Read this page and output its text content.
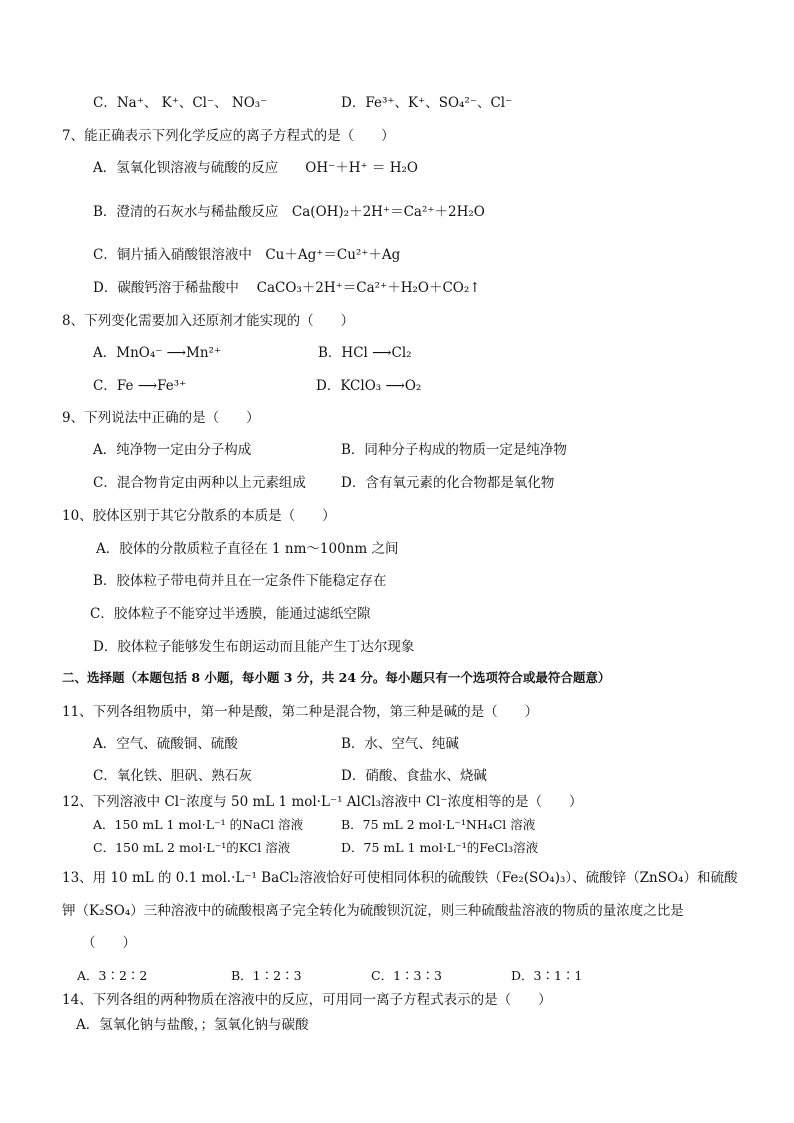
C．Na⁺、 K⁺、Cl⁻、 NO₃⁻	D．Fe³⁺、K⁺、SO₄²⁻、Cl⁻
7、能正确表示下列化学反应的离子方程式的是（　　）
A．氢氧化钡溶液与硫酸的反应　　OH⁻＋H⁺ ＝ H₂O
B．澄清的石灰水与稀盐酸反应　Ca(OH)₂＋2H⁺＝Ca²⁺＋2H₂O
C．铜片插入硝酸银溶液中　Cu＋Ag⁺＝Cu²⁺＋Ag
D．碳酸钙溶于稀盐酸中　 CaCO₃＋2H⁺＝Ca²⁺＋H₂O＋CO₂↑
8、下列变化需要加入还原剂才能实现的（　　）
A．MnO₄⁻ ⟶Mn²⁺	B．HCl ⟶Cl₂
C．Fe ⟶Fe³⁺	D．KClO₃ ⟶O₂
9、下列说法中正确的是（　　）
A．纯净物一定由分子构成	B．同种分子构成的物质一定是纯净物
C．混合物肯定由两种以上元素组成	D．含有氧元素的化合物都是氧化物
10、胶体区别于其它分散系的本质是（　　）
A．胶体的分散质粒子直径在 1 nm～100nm 之间
B．胶体粒子带电荷并且在一定条件下能稳定存在
C．胶体粒子不能穿过半透膜，能通过滤纸空隙
D．胶体粒子能够发生布朗运动而且能产生丁达尔现象
二、选择题（本题包括 8 小题，每小题 3 分，共 24 分。每小题只有一个选项符合或最符合题意）
11、下列各组物质中，第一种是酸，第二种是混合物，第三种是碱的是（　　）
A．空气、硫酸铜、硫酸	B．水、空气、纯碱
C．氧化铁、胆矾、熟石灰	D．硝酸、食盐水、烧碱
12、下列溶液中 Cl⁻浓度与 50 mL 1 mol·L⁻¹ AlCl₃溶液中 Cl⁻浓度相等的是（　　）
A．150 mL 1 mol·L⁻¹ 的NaCl 溶液	B．75 mL 2 mol·L⁻¹NH₄Cl 溶液
C．150 mL 2 mol·L⁻¹的KCl 溶液	D．75 mL 1 mol·L⁻¹的FeCl₃溶液
13、用 10 mL 的 0.1 mol.·L⁻¹ BaCl₂溶液恰好可使相同体积的硫酸铁（Fe₂(SO₄)₃）、硫酸锌（ZnSO₄）和硫酸
钾（K₂SO₄）三种溶液中的硫酸根离子完全转化为硫酸钡沉淀，则三种硫酸盐溶液的物质的量浓度之比是
（　　）
A．3∶2∶2	B．1∶2∶3	C．1∶3∶3	D．3∶1∶1
14、下列各组的两种物质在溶液中的反应，可用同一离子方程式表示的是（　　）
A．氢氧化钠与盐酸，；氢氧化钠与碳酸
